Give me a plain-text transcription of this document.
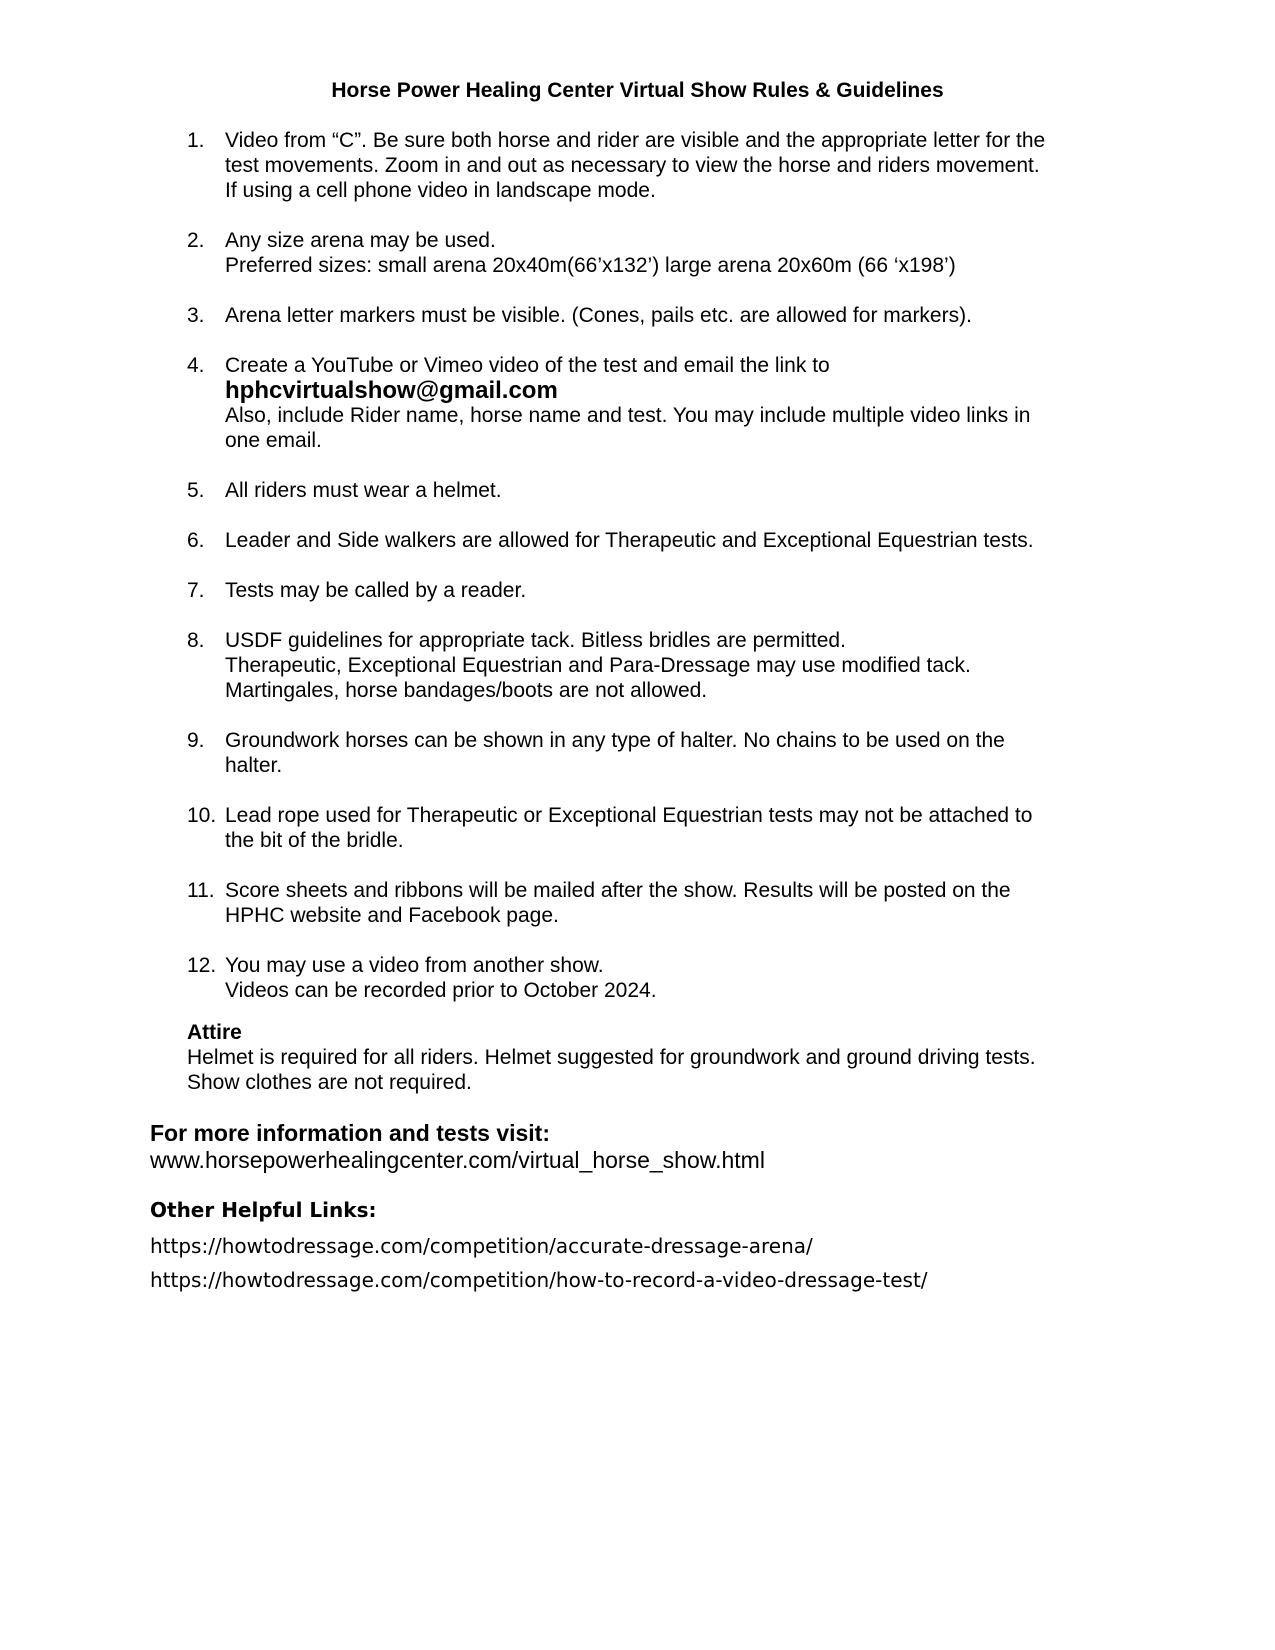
Horse Power Healing Center Virtual Show Rules & Guidelines
1. Video from “C”. Be sure both horse and rider are visible and the appropriate letter for the
test movements. Zoom in and out as necessary to view the horse and riders movement.
If using a cell phone video in landscape mode.
2. Any size arena may be used.
Preferred sizes: small arena 20x40m(66’x132’) large arena 20x60m (66 ‘x198’)
3. Arena letter markers must be visible. (Cones, pails etc. are allowed for markers).
4. Create a YouTube or Vimeo video of the test and email the link to
hphcvirtualshow@gmail.com
Also, include Rider name, horse name and test. You may include multiple video links in
one email.
5. All riders must wear a helmet.
6. Leader and Side walkers are allowed for Therapeutic and Exceptional Equestrian tests.
7. Tests may be called by a reader.
8. USDF guidelines for appropriate tack. Bitless bridles are permitted.
Therapeutic, Exceptional Equestrian and Para-Dressage may use modified tack.
Martingales, horse bandages/boots are not allowed.
9. Groundwork horses can be shown in any type of halter. No chains to be used on the
halter.
10. Lead rope used for Therapeutic or Exceptional Equestrian tests may not be attached to
the bit of the bridle.
11. Score sheets and ribbons will be mailed after the show. Results will be posted on the
HPHC website and Facebook page.
12. You may use a video from another show.
Videos can be recorded prior to October 2024.
Attire
Helmet is required for all riders. Helmet suggested for groundwork and ground driving tests.
Show clothes are not required.
For more information and tests visit:
www.horsepowerhealingcenter.com/virtual_horse_show.html
Other Helpful Links:
https://howtodressage.com/competition/accurate-dressage-arena/
https://howtodressage.com/competition/how-to-record-a-video-dressage-test/
